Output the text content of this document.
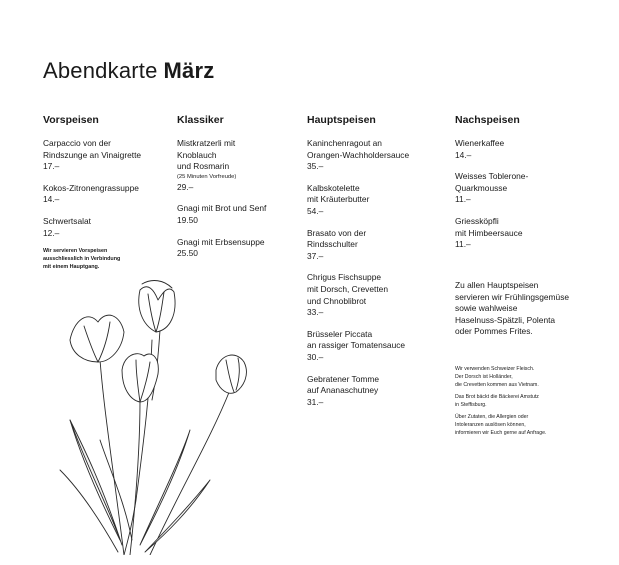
Abendkarte März
Vorspeisen
Carpaccio von der
Rindszunge an Vinaigrette
17.–
Kokos-Zitronengrassuppe
14.–
Schwertsalat
12.–
Wir servieren Vorspeisen
ausschliesslich in Verbindung
mit einem Hauptgang.
Klassiker
Mistkratzerli mit
Knoblauch
und Rosmarin
(25 Minuten Vorfreude)
29.–
Gnagi mit Brot und Senf
19.50
Gnagi mit Erbsensuppe
25.50
Hauptspeisen
Kaninchenragout an
Orangen-Wachholdersauce
35.–
Kalbskotelette
mit Kräuterbutter
54.–
Brasato von der
Rindsschulter
37.–
Chrigus Fischsuppe
mit Dorsch, Crevetten
und Chnoblibrot
33.–
Brüsseler Piccata
an rassiger Tomatensauce
30.–
Gebratener Tomme
auf Ananaschutney
31.–
Nachspeisen
Wienerkaffee
14.–
Weisses Toblerone-
Quarkmousse
11.–
Griessköpfli
mit Himbeersauce
11.–
Zu allen Hauptspeisen
servieren wir Frühlingsgemüse
sowie wahlweise
Haselnuss-Spätzli, Polenta
oder Pommes Frites.

Wir verwenden Schweizer Fleisch.
Der Dorsch ist Holländer,
die Crevetten kommen aus Vietnam.

Das Brot bäckt die Bäckerei Amstutz
in Steffisburg.

Über Zutaten, die Allergien oder
Intoleranzen auslösen können,
informieren wir Euch gerne auf Anfrage.
